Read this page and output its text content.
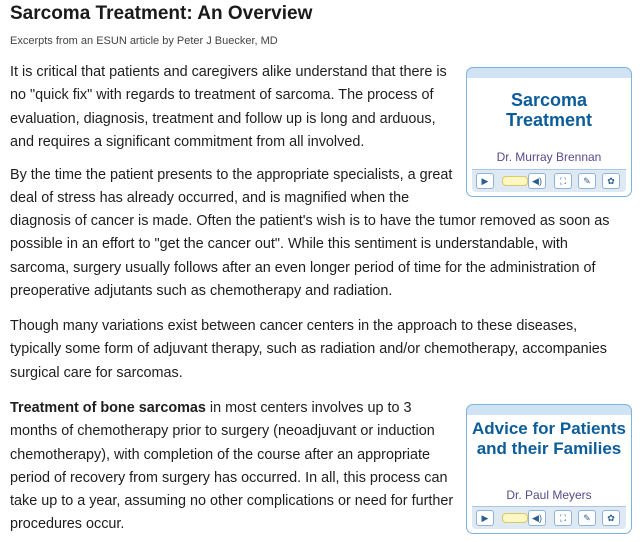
Sarcoma Treatment: An Overview
Excerpts from an ESUN article by Peter J Buecker, MD

It is critical that patients and caregivers alike understand that there is no "quick fix" with regards to treatment of sarcoma. The process of evaluation, diagnosis, treatment and follow up is long and arduous, and requires a significant commitment from all involved.

By the time the patient presents to the appropriate specialists, a great deal of stress has already occurred, and is magnified when the

diagnosis of cancer is made. Often the patient's wish is to have the tumor removed as soon as possible in an effort to "get the cancer out". While this sentiment is understandable, with sarcoma, surgery usually follows after an even longer period of time for the administration of preoperative adjutants such as chemotherapy and radiation.

Though many variations exist between cancer centers in the approach to these diseases, typically some form of adjuvant therapy, such as radiation and/or chemotherapy, accompanies surgical care for sarcomas.

Treatment of bone sarcomas in most centers involves up to 3 months of chemotherapy prior to surgery (neoadjuvant or induction chemotherapy), with completion of the course after an appropriate period of recovery from surgery has occurred. In all, this process can take up to a year, assuming no other complications or need for further procedures occur.

Sarcoma Treatment
Dr. Murray Brennan
▶	◀)	⛶	✎	✿
Advice for Patients and their Families
Dr. Paul Meyers
▶	◀)	⛶	✎	✿
